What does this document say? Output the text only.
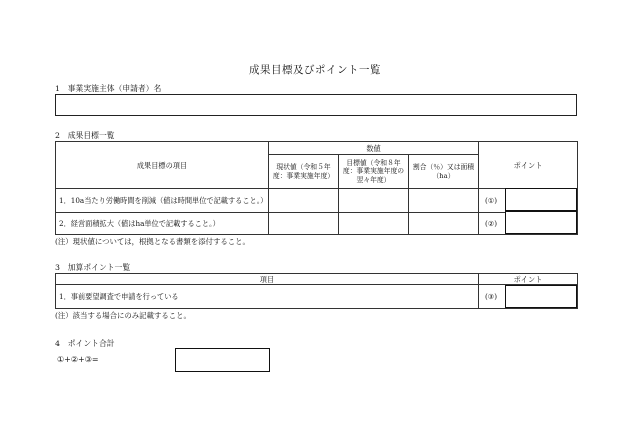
成果目標及びポイント一覧
1　事業実施主体（申請者）名
2　成果目標一覧
成果目標の項目	数値			ポイント
	現状値（令和５年度：事業実施年度）	目標値（令和８年度：事業実施年度の翌々年度）	割合（％）又は面積（ha）	
1．10a当たり労働時間を削減（値は時間単位で記載すること。）				(①)
2．経営面積拡大（値はha単位で記載すること。）				(②)
(注）現状値については，根拠となる書類を添付すること。
3　加算ポイント一覧
項目	ポイント
1．事前要望調査で申請を行っている	(③)
(注）該当する場合にのみ記載すること。
4　ポイント合計
①+②+③=
